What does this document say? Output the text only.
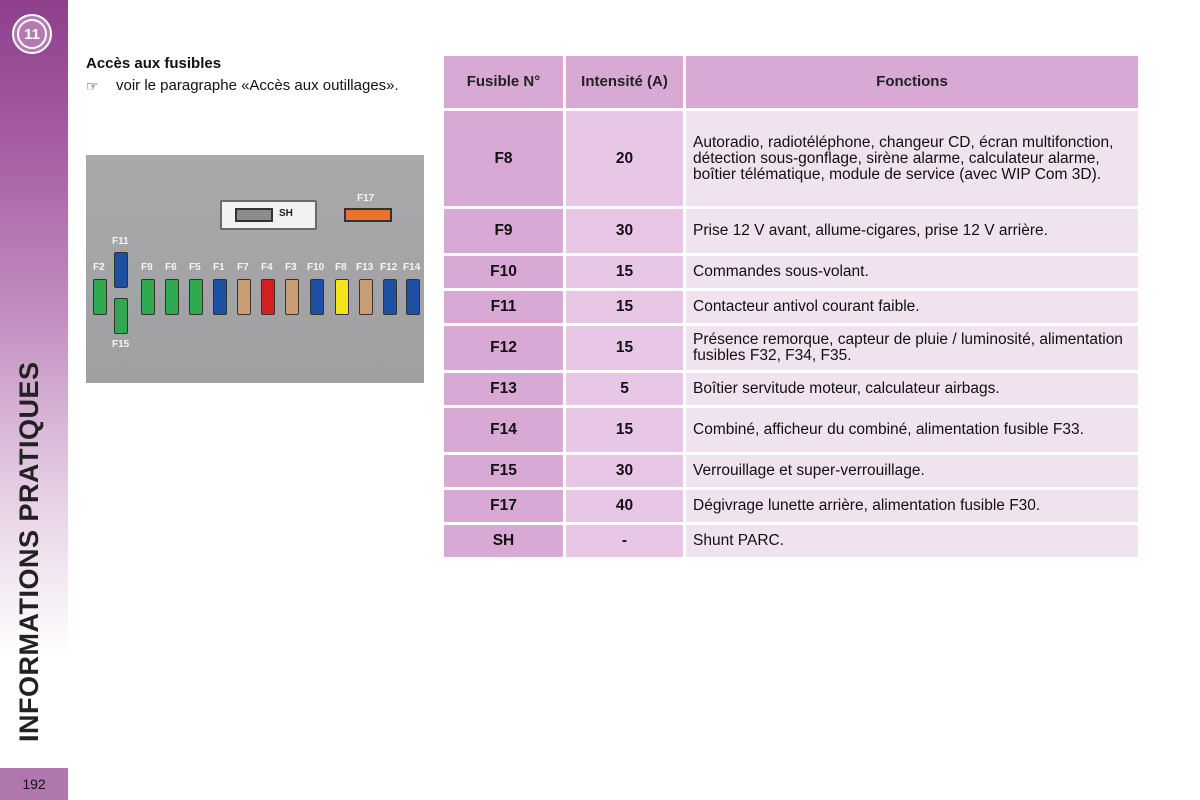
11
INFORMATIONS PRATIQUES
192
Accès aux fusibles
☞	voir le paragraphe «Accès aux outillages».
SH
F17
F2	F9 F6 F5 F1 F7 F4 F3 F10 F8 F13 F12 F14
F11
F15
Fusible N°	Intensité (A)	Fonctions
F8	20	Autoradio, radiotéléphone, changeur CD, écran multifonction, détection sous-gonflage, sirène alarme, calculateur alarme, boîtier télématique, module de service (avec WIP Com 3D).
F9	30	Prise 12 V avant, allume-cigares, prise 12 V arrière.
F10	15	Commandes sous-volant.
F11	15	Contacteur antivol courant faible.
F12	15	Présence remorque, capteur de pluie / luminosité, alimentation fusibles F32, F34, F35.
F13	5	Boîtier servitude moteur, calculateur airbags.
F14	15	Combiné, afficheur du combiné, alimentation fusible F33.
F15	30	Verrouillage et super-verrouillage.
F17	40	Dégivrage lunette arrière, alimentation fusible F30.
SH	-	Shunt PARC.
